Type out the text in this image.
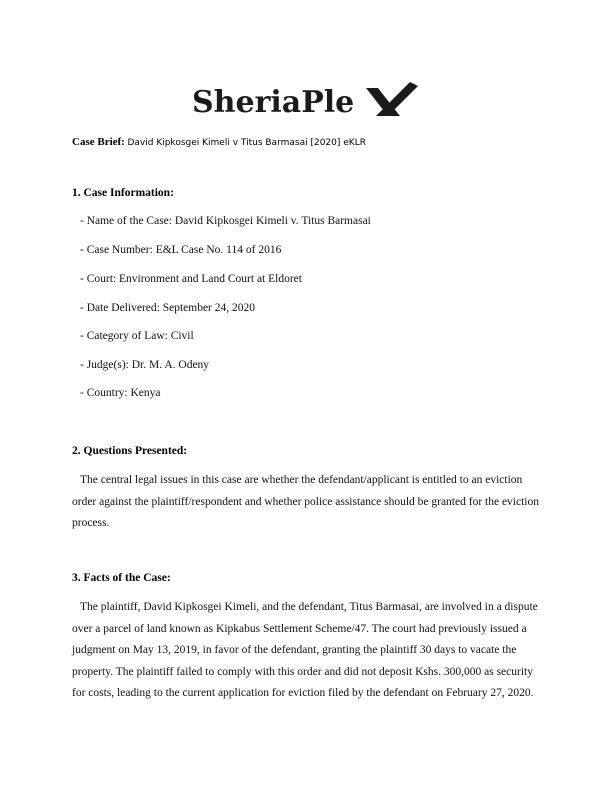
SheriaPle
Case Brief: David Kipkosgei Kimeli v Titus Barmasai [2020] eKLR
1. Case Information:
- Name of the Case: David Kipkosgei Kimeli v. Titus Barmasai
- Case Number: E&L Case No. 114 of 2016
- Court: Environment and Land Court at Eldoret
- Date Delivered: September 24, 2020
- Category of Law: Civil
- Judge(s): Dr. M. A. Odeny
- Country: Kenya
2. Questions Presented:
The central legal issues in this case are whether the defendant/applicant is entitled to an eviction order against the plaintiff/respondent and whether police assistance should be granted for the eviction process.
3. Facts of the Case:
The plaintiff, David Kipkosgei Kimeli, and the defendant, Titus Barmasai, are involved in a dispute over a parcel of land known as Kipkabus Settlement Scheme/47. The court had previously issued a judgment on May 13, 2019, in favor of the defendant, granting the plaintiff 30 days to vacate the property. The plaintiff failed to comply with this order and did not deposit Kshs. 300,000 as security for costs, leading to the current application for eviction filed by the defendant on February 27, 2020.
